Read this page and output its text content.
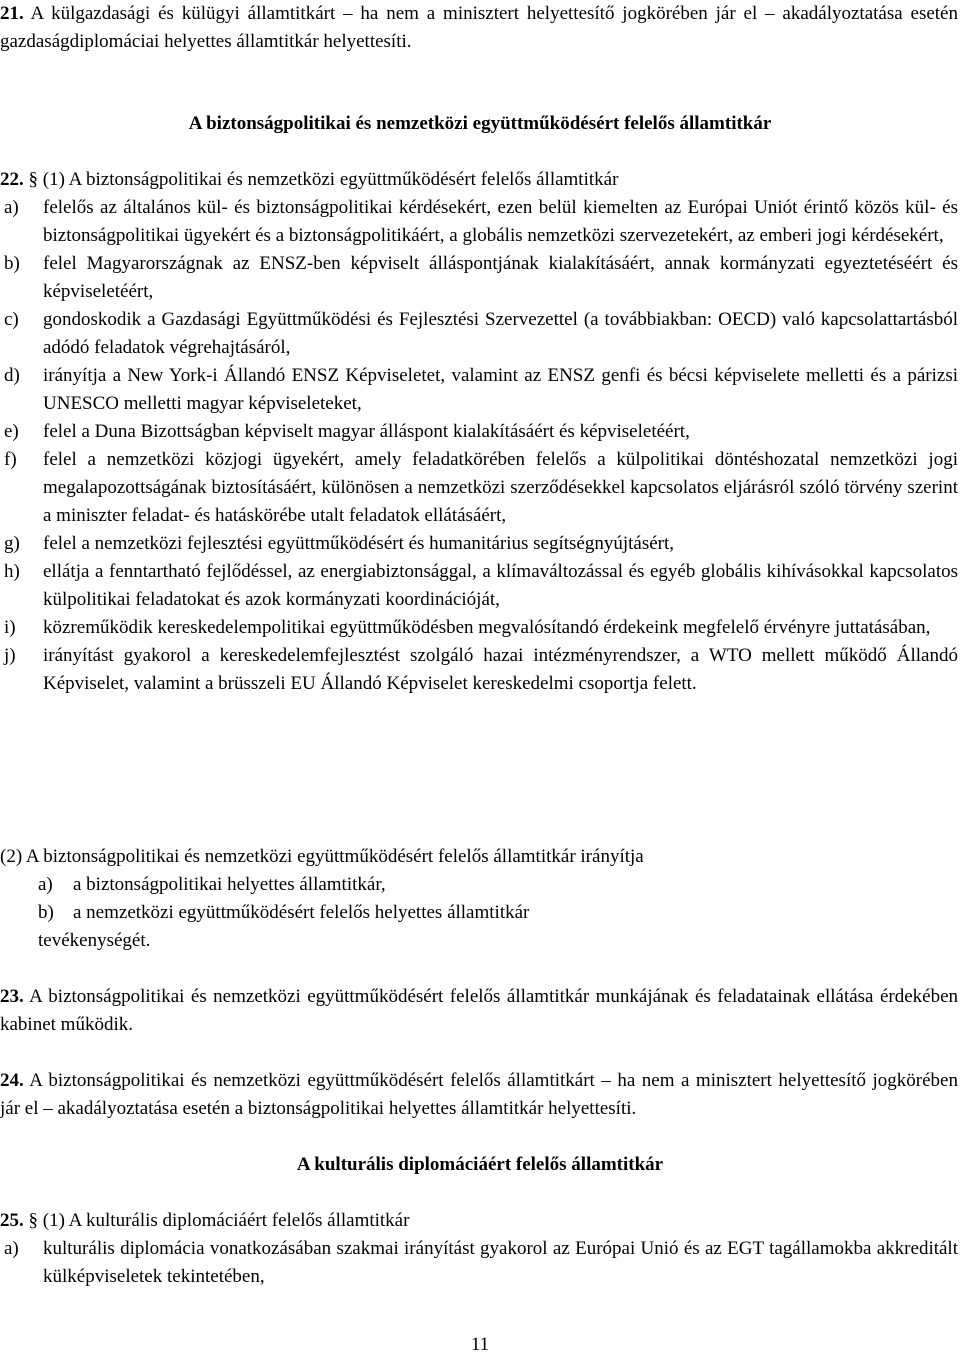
21. A külgazdasági és külügyi államtitkárt – ha nem a minisztert helyettesítő jogkörében jár el – akadályoztatása esetén gazdaságdiplomáciai helyettes államtitkár helyettesíti.

A biztonságpolitikai és nemzetközi együttműködésért felelős államtitkár

22. § (1) A biztonságpolitikai és nemzetközi együttműködésért felelős államtitkár

a) felelős az általános kül- és biztonságpolitikai kérdésekért, ezen belül kiemelten az Európai Uniót érintő közös kül- és biztonságpolitikai ügyekért és a biztonságpolitikáért, a globális nemzetközi szervezetekért, az emberi jogi kérdésekért,
b) felel Magyarországnak az ENSZ-ben képviselt álláspontjának kialakításáért, annak kormányzati egyeztetéséért és képviseletéért,
c) gondoskodik a Gazdasági Együttműködési és Fejlesztési Szervezettel (a továbbiakban: OECD) való kapcsolattartásból adódó feladatok végrehajtásáról,
d) irányítja a New York-i Állandó ENSZ Képviseletet, valamint az ENSZ genfi és bécsi képviselete melletti és a párizsi UNESCO melletti magyar képviseleteket,
e) felel a Duna Bizottságban képviselt magyar álláspont kialakításáért és képviseletéért,
f) felel a nemzetközi közjogi ügyekért, amely feladatkörében felelős a külpolitikai döntéshozatal nemzetközi jogi megalapozottságának biztosításáért, különösen a nemzetközi szerződésekkel kapcsolatos eljárásról szóló törvény szerint a miniszter feladat- és hatáskörébe utalt feladatok ellátásáért,
g) felel a nemzetközi fejlesztési együttműködésért és humanitárius segítségnyújtásért,
h) ellátja a fenntartható fejlődéssel, az energiabiztonsággal, a klímaváltozással és egyéb globális kihívásokkal kapcsolatos külpolitikai feladatokat és azok kormányzati koordinációját,
i) közreműködik kereskedelempolitikai együttműködésben megvalósítandó érdekeink megfelelő érvényre juttatásában,
j) irányítást gyakorol a kereskedelemfejlesztést szolgáló hazai intézményrendszer, a WTO mellett működő Állandó Képviselet, valamint a brüsszeli EU Állandó Képviselet kereskedelmi csoportja felett.

(2) A biztonságpolitikai és nemzetközi együttműködésért felelős államtitkár irányítja

a) a biztonságpolitikai helyettes államtitkár,
b) a nemzetközi együttműködésért felelős helyettes államtitkár

tevékenységét.

23. A biztonságpolitikai és nemzetközi együttműködésért felelős államtitkár munkájának és feladatainak ellátása érdekében kabinet működik.

24. A biztonságpolitikai és nemzetközi együttműködésért felelős államtitkárt – ha nem a minisztert helyettesítő jogkörében jár el – akadályoztatása esetén a biztonságpolitikai helyettes államtitkár helyettesíti.

A kulturális diplomáciáért felelős államtitkár

25. § (1) A kulturális diplomáciáért felelős államtitkár

a) kulturális diplomácia vonatkozásában szakmai irányítást gyakorol az Európai Unió és az EGT tagállamokba akkreditált külképviseletek tekintetében,
11
